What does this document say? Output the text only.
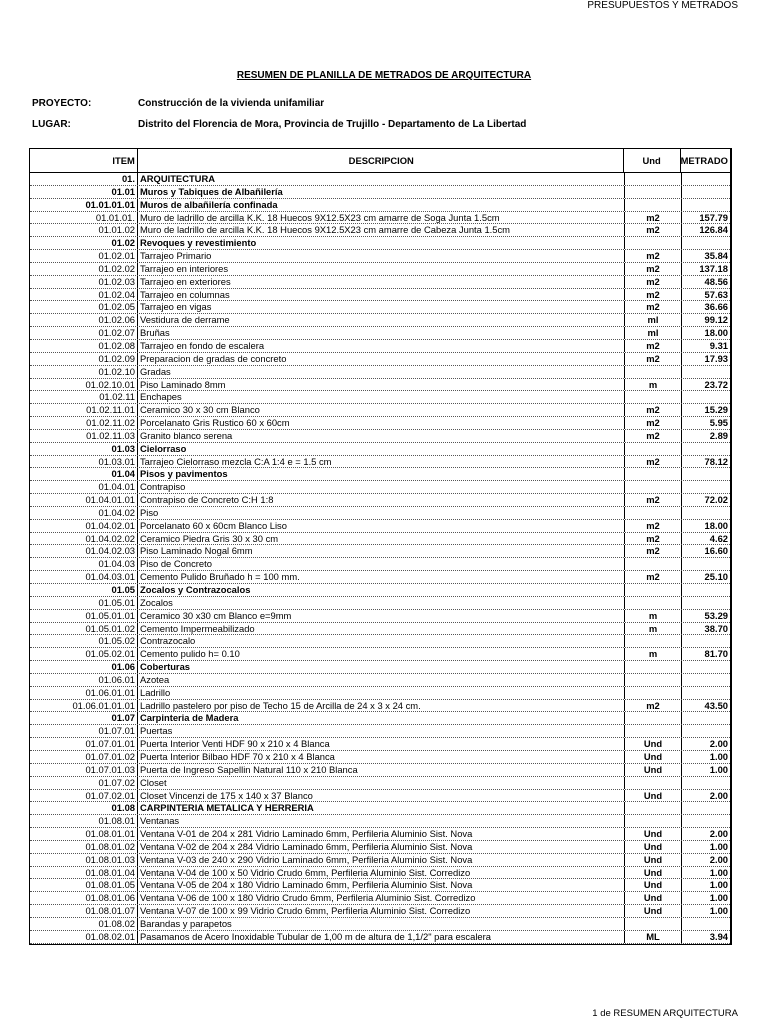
PRESUPUESTOS Y METRADOS
RESUMEN DE PLANILLA DE METRADOS DE ARQUITECTURA
PROYECTO:	Construcción de la vivienda unifamiliar
LUGAR:	Distrito del Florencia de Mora, Provincia de Trujillo - Departamento de La Libertad
ITEM	DESCRIPCION	Und	METRADO
01. ARQUITECTURA
01.01 Muros y Tabiques de Albañilería
01.01.01.01 Muros de albañilería confinada
01.01.01. Muro de ladrillo de arcilla K.K. 18 Huecos 9X12.5X23 cm amarre de Soga Junta 1.5cm	m2	157.79
01.01.02 Muro de ladrillo de arcilla K.K. 18 Huecos 9X12.5X23 cm amarre de Cabeza Junta 1.5cm	m2	126.84
01.02 Revoques y revestimiento
01.02.01 Tarrajeo Primario	m2	35.84
01.02.02 Tarrajeo en interiores	m2	137.18
01.02.03 Tarrajeo en exteriores	m2	48.56
01.02.04 Tarrajeo en columnas	m2	57.63
01.02.05 Tarrajeo en vigas	m2	36.66
01.02.06 Vestidura de derrame	ml	99.12
01.02.07 Bruñas	ml	18.00
01.02.08 Tarrajeo en fondo de escalera	m2	9.31
01.02.09 Preparacion de gradas de concreto	m2	17.93
01.02.10 Gradas
01.02.10.01 Piso Laminado 8mm	m	23.72
01.02.11 Enchapes
01.02.11.01 Ceramico 30 x 30 cm Blanco	m2	15.29
01.02.11.02 Porcelanato Gris Rustico 60 x 60cm	m2	5.95
01.02.11.03 Granito blanco serena	m2	2.89
01.03 Cielorraso
01.03.01 Tarrajeo Cielorraso mezcla C:A 1:4 e = 1.5 cm	m2	78.12
01.04 Pisos y pavimentos
01.04.01 Contrapiso
01.04.01.01 Contrapiso de Concreto C:H 1:8	m2	72.02
01.04.02 Piso
01.04.02.01 Porcelanato 60 x 60cm Blanco Liso	m2	18.00
01.04.02.02 Ceramico Piedra Gris 30 x 30 cm	m2	4.62
01.04.02.03 Piso Laminado Nogal 6mm	m2	16.60
01.04.03 Piso de Concreto
01.04.03.01 Cemento Pulido Bruñado h = 100 mm.	m2	25.10
01.05 Zocalos y Contrazocalos
01.05.01 Zocalos
01.05.01.01 Ceramico 30 x30 cm Blanco e=9mm	m	53.29
01.05.01.02 Cemento Impermeabilizado	m	38.70
01.05.02 Contrazocalo
01.05.02.01 Cemento pulido h= 0.10	m	81.70
01.06 Coberturas
01.06.01 Azotea
01.06.01.01 Ladrillo
01.06.01.01.01 Ladrillo pastelero por piso de Techo 15 de Arcilla de 24 x 3 x 24 cm.	m2	43.50
01.07 Carpinteria de Madera
01.07.01 Puertas
01.07.01.01 Puerta Interior Venti HDF 90 x 210 x 4 Blanca	Und	2.00
01.07.01.02 Puerta Interior Bilbao HDF 70 x 210 x 4 Blanca	Und	1.00
01.07.01.03 Puerta de Ingreso Sapellin Natural 110 x 210 Blanca	Und	1.00
01.07.02 Closet
01.07.02.01 Closet Vincenzi de 175 x 140 x 37 Blanco	Und	2.00
01.08 CARPINTERIA METALICA Y HERRERIA
01.08.01 Ventanas
01.08.01.01 Ventana V-01 de 204 x 281 Vidrio Laminado 6mm, Perfileria Aluminio Sist. Nova	Und	2.00
01.08.01.02 Ventana V-02 de 204 x 284 Vidrio Laminado 6mm, Perfileria Aluminio Sist. Nova	Und	1.00
01.08.01.03 Ventana V-03 de 240 x 290 Vidrio Laminado 6mm, Perfileria Aluminio Sist. Nova	Und	2.00
01.08.01.04 Ventana V-04 de 100 x 50 Vidrio Crudo 6mm, Perfileria Aluminio Sist. Corredizo	Und	1.00
01.08.01.05 Ventana V-05 de 204 x 180 Vidrio Laminado 6mm, Perfileria Aluminio Sist. Nova	Und	1.00
01.08.01.06 Ventana V-06 de 100 x 180 Vidrio Crudo 6mm, Perfileria Aluminio Sist. Corredizo	Und	1.00
01.08.01.07 Ventana V-07 de 100 x 99 Vidrio Crudo 6mm, Perfileria Aluminio Sist. Corredizo	Und	1.00
01.08.02 Barandas y parapetos
01.08.02.01 Pasamanos de Acero Inoxidable Tubular de 1,00 m de altura de 1,1/2" para escalera	ML	3.94
1 de RESUMEN ARQUITECTURA
